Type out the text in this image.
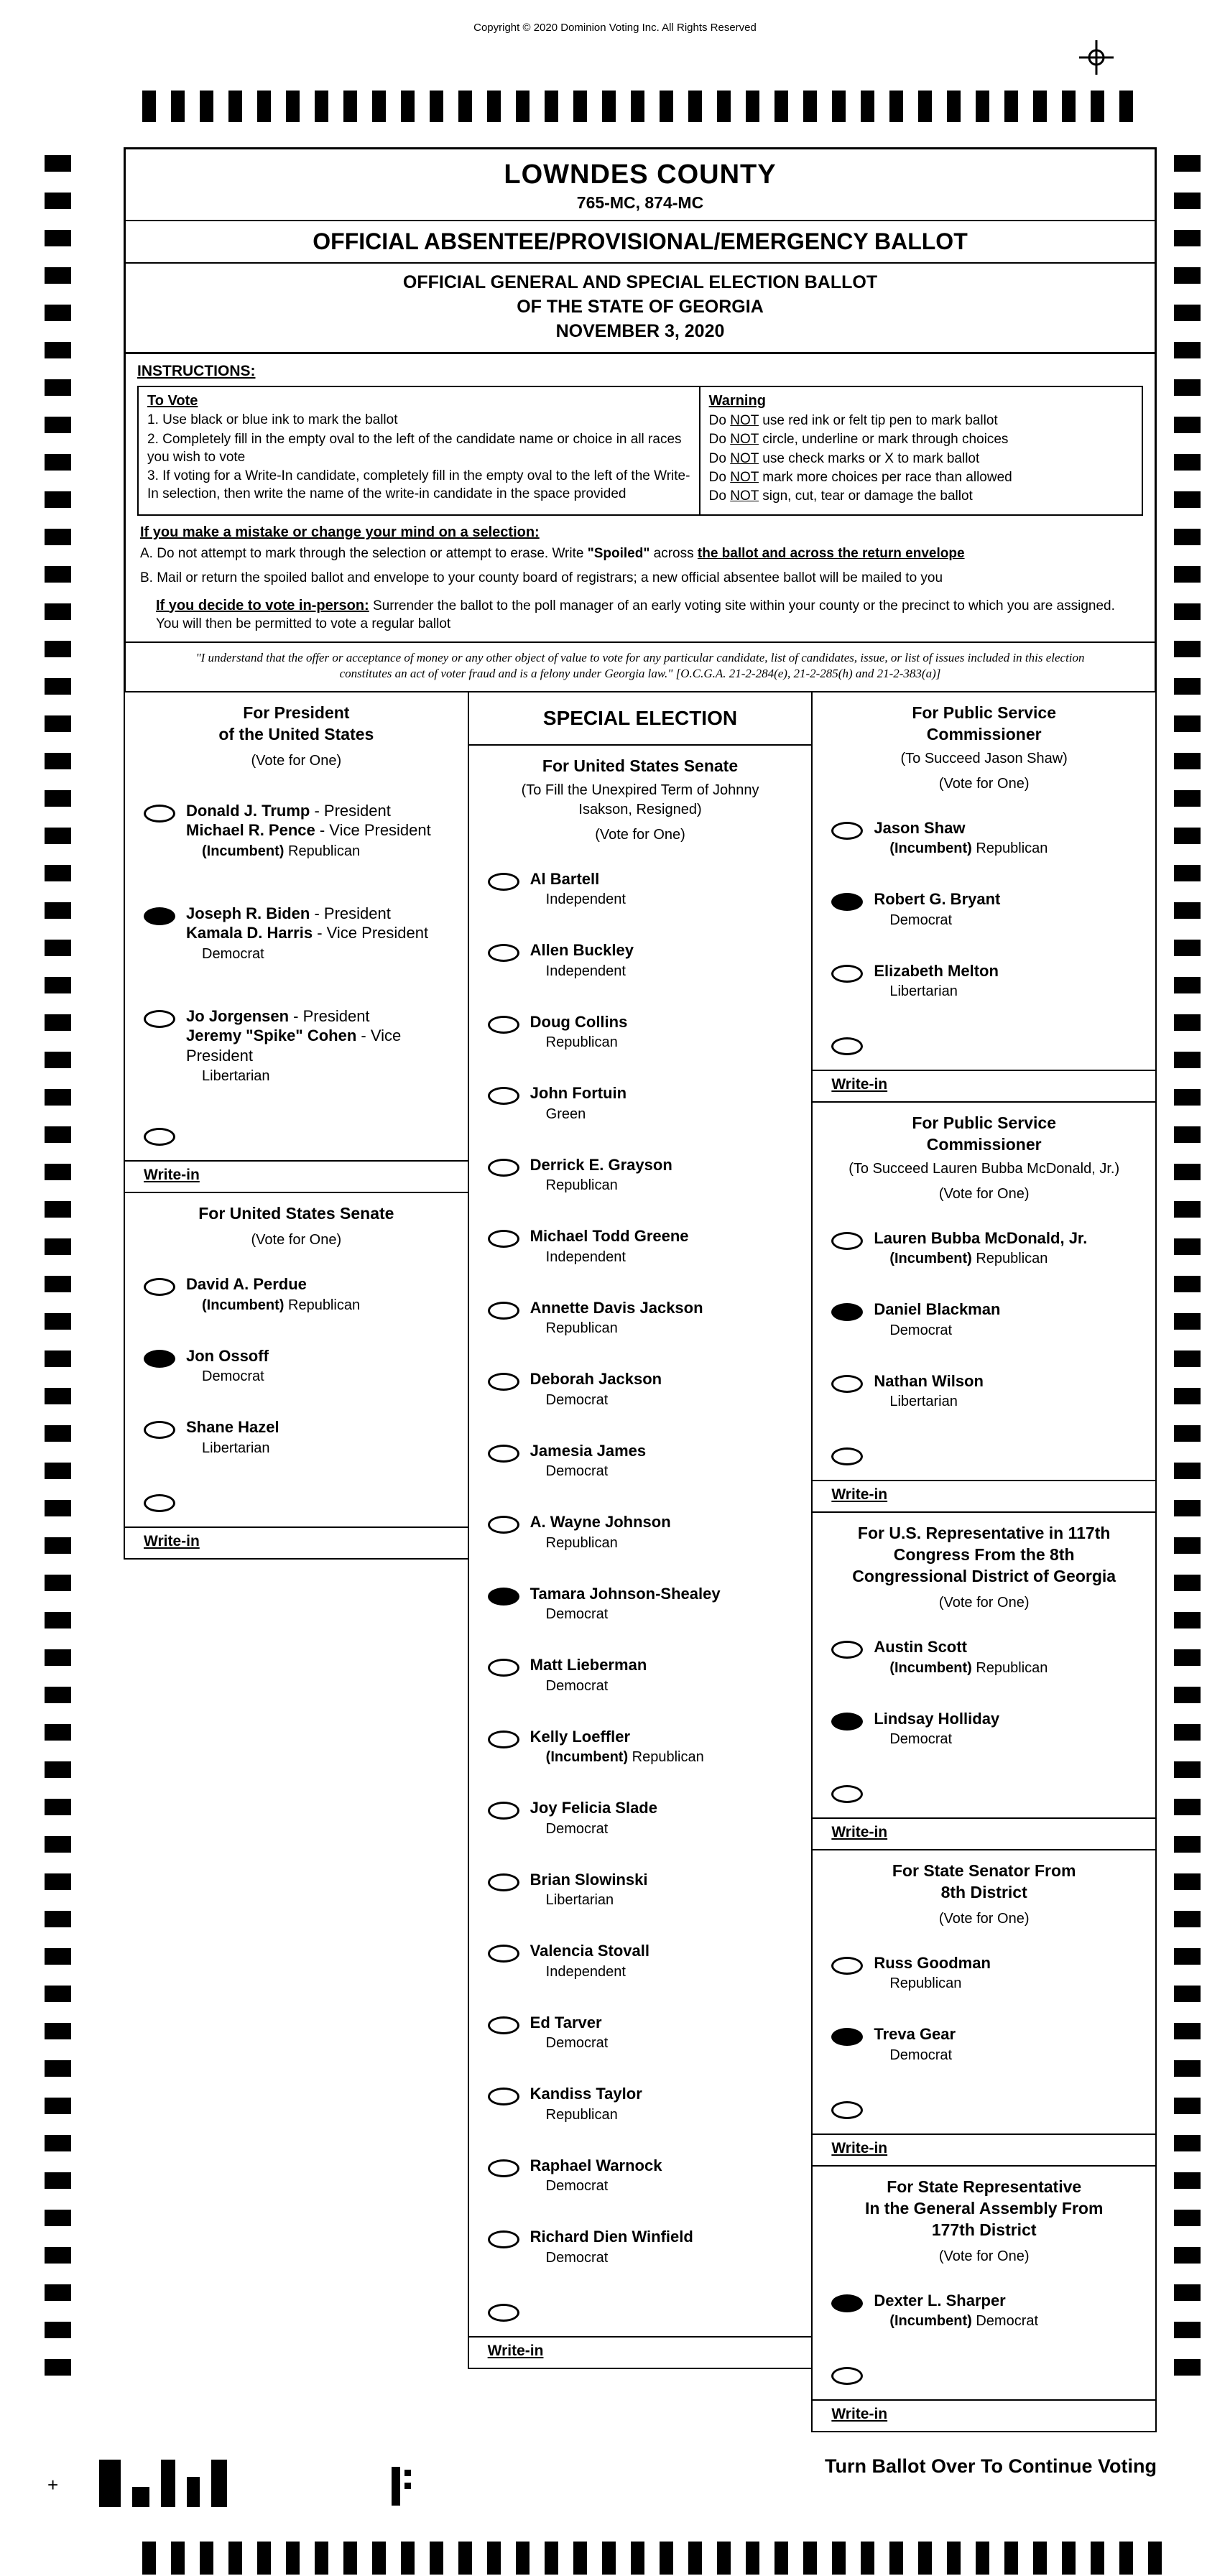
Copyright © 2020 Dominion Voting Inc. All Rights Reserved
LOWNDES COUNTY
765-MC, 874-MC
OFFICIAL ABSENTEE/PROVISIONAL/EMERGENCY BALLOT
OFFICIAL GENERAL AND SPECIAL ELECTION BALLOT
OF THE STATE OF GEORGIA
NOVEMBER 3, 2020
INSTRUCTIONS:
To Vote
1. Use black or blue ink to mark the ballot
2. Completely fill in the empty oval to the left of the candidate name or choice in all races you wish to vote
3. If voting for a Write-In candidate, completely fill in the empty oval to the left of the Write-In selection, then write the name of the write-in candidate in the space provided
Warning
Do NOT use red ink or felt tip pen to mark ballot
Do NOT circle, underline or mark through choices
Do NOT use check marks or X to mark ballot
Do NOT mark more choices per race than allowed
Do NOT sign, cut, tear or damage the ballot
If you make a mistake or change your mind on a selection:
A. Do not attempt to mark through the selection or attempt to erase. Write "Spoiled" across the ballot and across the return envelope
B. Mail or return the spoiled ballot and envelope to your county board of registrars; a new official absentee ballot will be mailed to you
If you decide to vote in-person: Surrender the ballot to the poll manager of an early voting site within your county or the precinct to which you are assigned. You will then be permitted to vote a regular ballot
"I understand that the offer or acceptance of money or any other object of value to vote for any particular candidate, list of candidates, issue, or list of issues included in this election constitutes an act of voter fraud and is a felony under Georgia law." [O.C.G.A. 21-2-284(e), 21-2-285(h) and 21-2-383(a)]
For President
of the United States
(Vote for One)
Donald J. Trump - President
Michael R. Pence - Vice President
(Incumbent) Republican
Joseph R. Biden - President
Kamala D. Harris - Vice President
Democrat
Jo Jorgensen - President
Jeremy "Spike" Cohen - Vice President
Libertarian
Write-in
For United States Senate
(Vote for One)
David A. Perdue
(Incumbent) Republican
Jon Ossoff
Democrat
Shane Hazel
Libertarian
Write-in
SPECIAL ELECTION
For United States Senate
(To Fill the Unexpired Term of Johnny
Isakson, Resigned)
(Vote for One)
Al Bartell
Independent
Allen Buckley
Independent
Doug Collins
Republican
John Fortuin
Green
Derrick E. Grayson
Republican
Michael Todd Greene
Independent
Annette Davis Jackson
Republican
Deborah Jackson
Democrat
Jamesia James
Democrat
A. Wayne Johnson
Republican
Tamara Johnson-Shealey
Democrat
Matt Lieberman
Democrat
Kelly Loeffler
(Incumbent) Republican
Joy Felicia Slade
Democrat
Brian Slowinski
Libertarian
Valencia Stovall
Independent
Ed Tarver
Democrat
Kandiss Taylor
Republican
Raphael Warnock
Democrat
Richard Dien Winfield
Democrat
Write-in
For Public Service
Commissioner
(To Succeed Jason Shaw)
(Vote for One)
Jason Shaw
(Incumbent) Republican
Robert G. Bryant
Democrat
Elizabeth Melton
Libertarian
Write-in
For Public Service
Commissioner
(To Succeed Lauren Bubba McDonald, Jr.)
(Vote for One)
Lauren Bubba McDonald, Jr.
(Incumbent) Republican
Daniel Blackman
Democrat
Nathan Wilson
Libertarian
Write-in
For U.S. Representative in 117th
Congress From the 8th
Congressional District of Georgia
(Vote for One)
Austin Scott
(Incumbent) Republican
Lindsay Holliday
Democrat
Write-in
For State Senator From
8th District
(Vote for One)
Russ Goodman
Republican
Treva Gear
Democrat
Write-in
For State Representative
In the General Assembly From
177th District
(Vote for One)
Dexter L. Sharper
(Incumbent) Democrat
Write-in
+
Turn Ballot Over To Continue Voting
